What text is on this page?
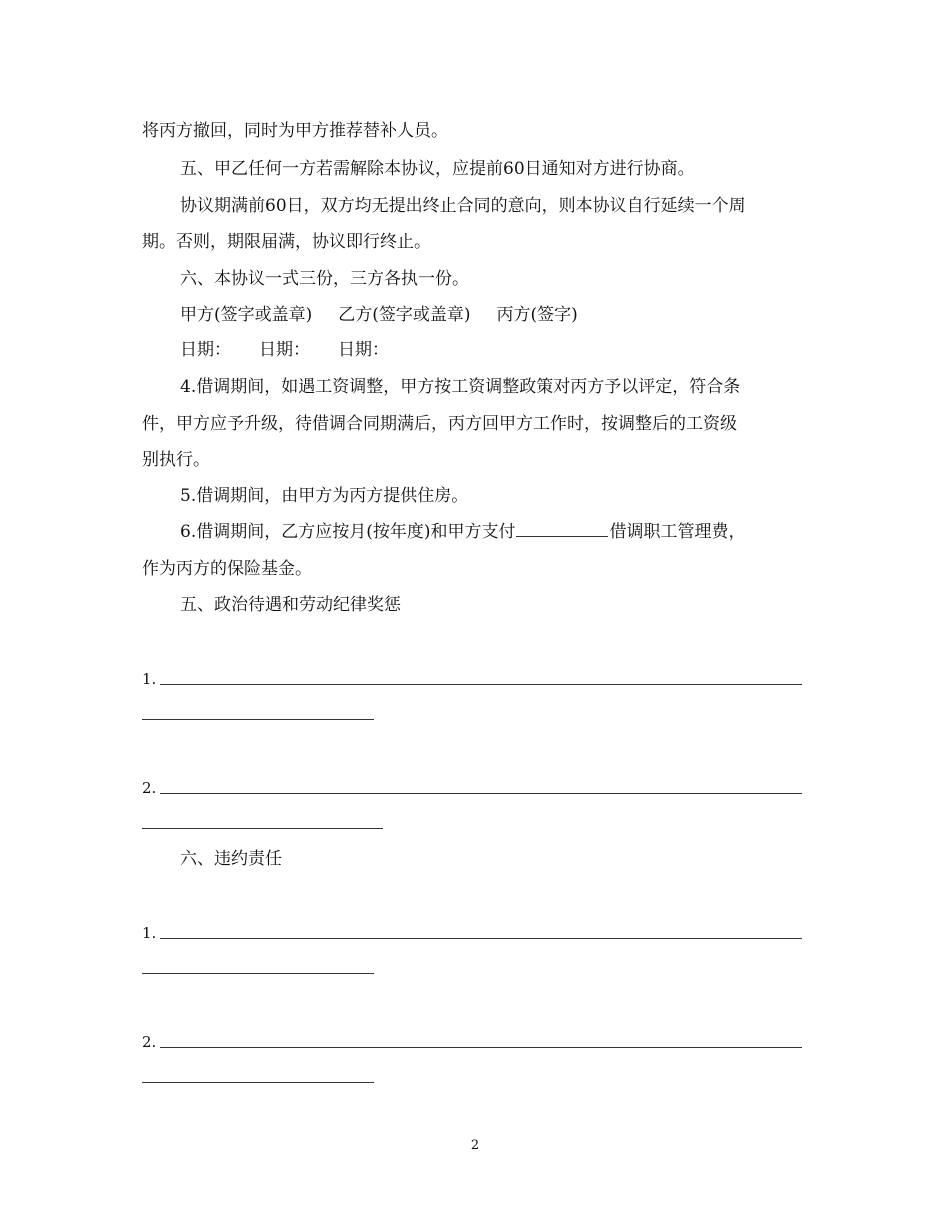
将丙方撤回，同时为甲方推荐替补人员。
五、甲乙任何一方若需解除本协议，应提前60日通知对方进行协商。
协议期满前60日，双方均无提出终止合同的意向，则本协议自行延续一个周
期。否则，期限届满，协议即行终止。
六、本协议一式三份，三方各执一份。
甲方(签字或盖章) 乙方(签字或盖章) 丙方(签字)
日期： 日期： 日期：
4.借调期间，如遇工资调整，甲方按工资调整政策对丙方予以评定，符合条
件，甲方应予升级，待借调合同期满后，丙方回甲方工作时，按调整后的工资级
别执行。
5.借调期间，由甲方为丙方提供住房。
6.借调期间，乙方应按月(按年度)和甲方支付	借调职工管理费，
作为丙方的保险基金。
五、政治待遇和劳动纪律奖惩
1.
2.
六、违约责任
1.
2.
2
